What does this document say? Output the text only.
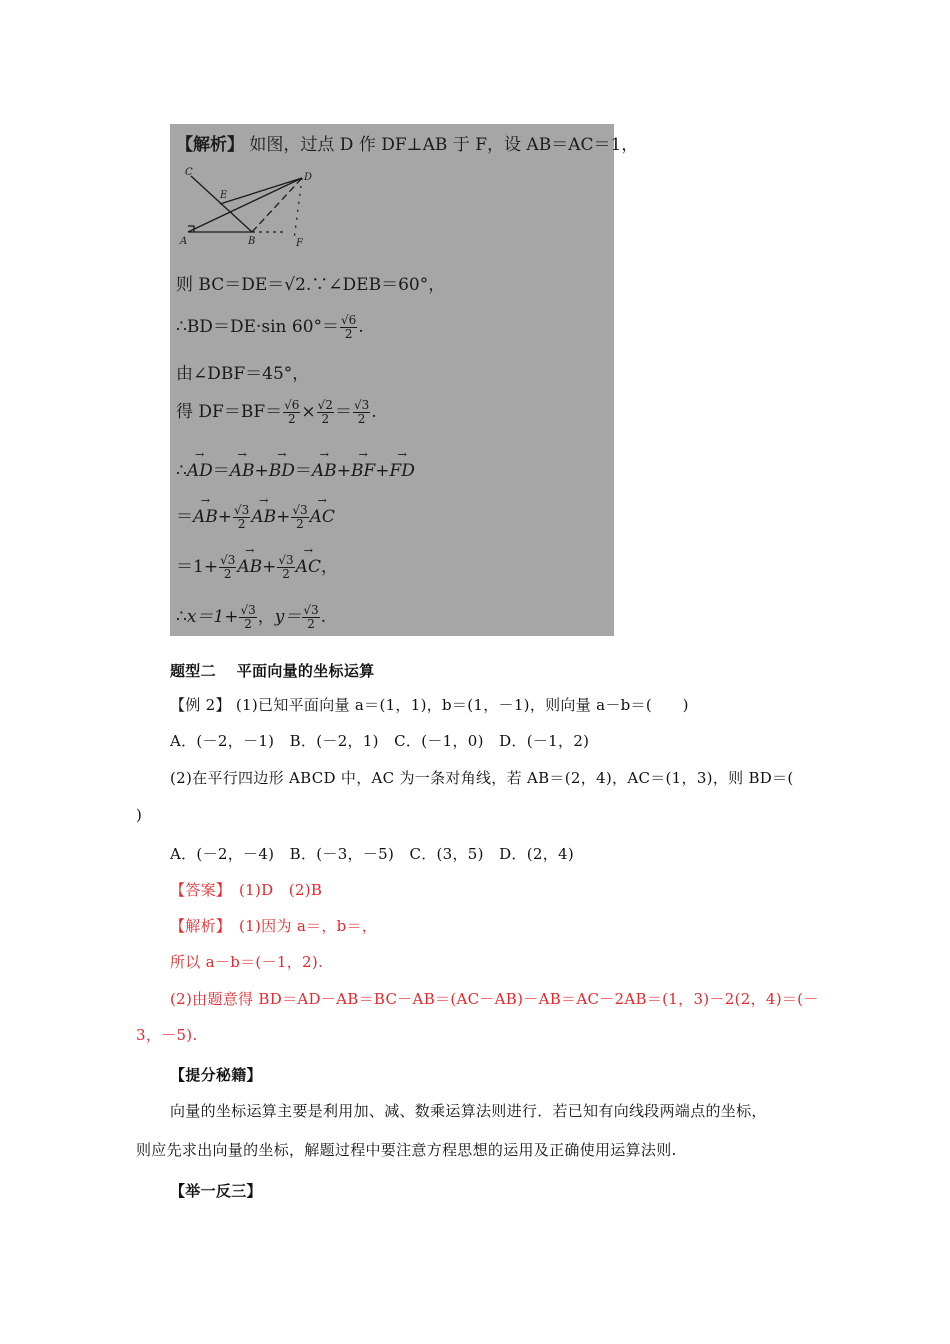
【解析】 如图，过点 D 作 DF⊥AB 于 F，设 AB＝AC＝1，
C
E
D
A	B	F
则 BC＝DE＝√2.∵∠DEB＝60°，
∴BD＝DE·sin $60^\circ= \frac{√6}{2}$ .
由∠DBF＝45°，
得 $DF=BF= \frac{√6}{2} \times \frac{√2}{2} = \frac{√3}{2}$ .
∴→ AD＝→ AB+→ BD＝→ AB+→ BF+→ FD
＝→ $AB+ \frac{√3}{2}$
→ $AB+ \frac{√3}{2}$
→ AC
$=1+ \frac{√3}{2}$
→ $AB+ \frac{√3}{2}$
→ AC，
∴x＝1+ $\frac{√3}{2}$ ，$y= \frac{√3}{2}$ .
题型二　 平面向量的坐标运算
【例 2】 (1)已知平面向量 a＝(1，1)，b＝(1，－1)，则向量 a－b＝(　　)
A．(－2，－1)　B．(－2，1)　C．(－1，0)　D．(－1，2)
(2)在平行四边形 ABCD 中，AC 为一条对角线，若 AB＝(2，4)，AC＝(1，3)，则 BD＝(
)
A．(－2，－4)　B．(－3，－5)　C．(3，5)　D．(2，4)
【答案】　(1)D　(2)B
【解析】　(1)因为 a＝，b＝，
所以 a－b＝(－1，2).
(2)由题意得 BD＝AD－AB＝BC－AB＝(AC－AB)－AB＝AC－2AB＝(1，3)－2(2，4)＝(－
3，－5).
【提分秘籍】
向量的坐标运算主要是利用加、减、数乘运算法则进行．若已知有向线段两端点的坐标，
则应先求出向量的坐标，解题过程中要注意方程思想的运用及正确使用运算法则.
【举一反三】
